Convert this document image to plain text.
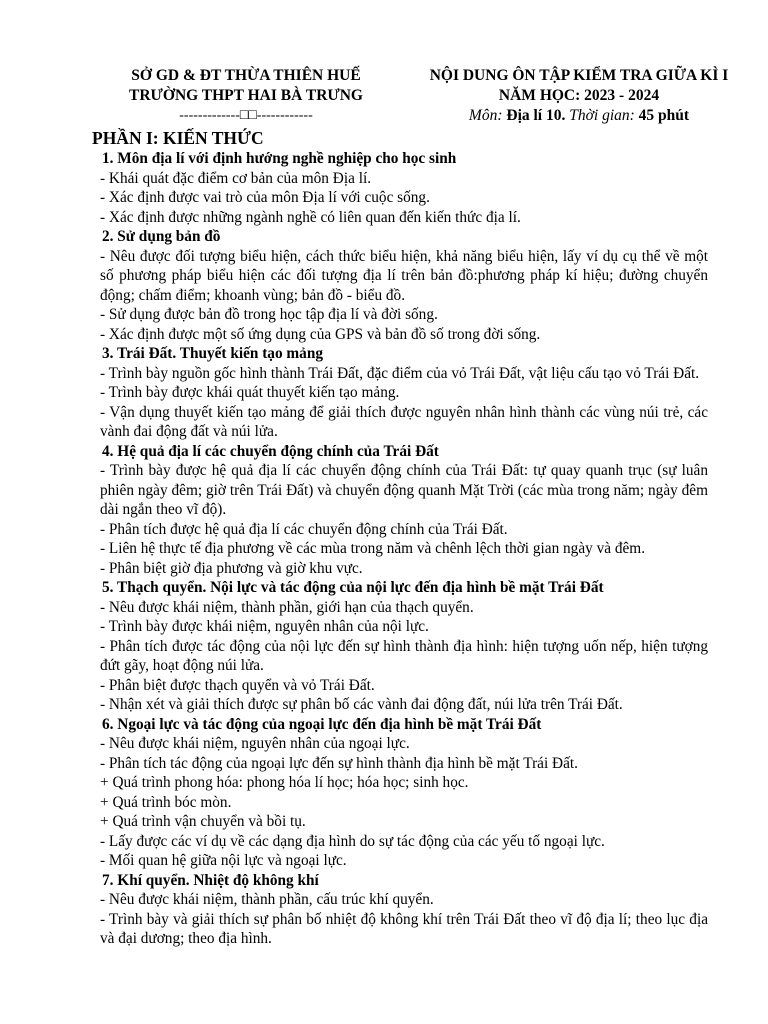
SỞ GD & ĐT THỪA THIÊN HUẾ
TRƯỜNG THPT HAI BÀ TRƯNG
-------------□□------------
NỘI DUNG ÔN TẬP KIỂM TRA GIỮA KÌ I
NĂM HỌC: 2023 - 2024
Môn: Địa lí 10. Thời gian: 45 phút
PHẦN I: KIẾN THỨC
1. Môn địa lí với định hướng nghề nghiệp cho học sinh
- Khái quát đặc điểm cơ bản của môn Địa lí.
- Xác định được vai trò của môn Địa lí với cuộc sống.
- Xác định được những ngành nghề có liên quan đến kiến thức địa lí.
2. Sử dụng bản đồ
- Nêu được đối tượng biểu hiện, cách thức biểu hiện, khả năng biểu hiện, lấy ví dụ cụ thể về một số phương pháp biểu hiện các đối tượng địa lí trên bản đồ:phương pháp kí hiệu; đường chuyển động; chấm điểm; khoanh vùng; bản đồ - biểu đồ.
- Sử dụng được bản đồ trong học tập địa lí và đời sống.
- Xác định được một số ứng dụng của GPS và bản đồ số trong đời sống.
3. Trái Đất. Thuyết kiến tạo mảng
- Trình bày nguồn gốc hình thành Trái Đất, đặc điểm của vỏ Trái Đất, vật liệu cấu tạo vỏ Trái Đất.
- Trình bày được khái quát thuyết kiến tạo mảng.
- Vận dụng thuyết kiến tạo mảng để giải thích được nguyên nhân hình thành các vùng núi trẻ, các vành đai động đất và núi lửa.
4. Hệ quả địa lí các chuyển động chính của Trái Đất
- Trình bày được hệ quả địa lí các chuyển động chính của Trái Đất: tự quay quanh trục (sự luân phiên ngày đêm; giờ trên Trái Đất) và chuyển động quanh Mặt Trời (các mùa trong năm; ngày đêm dài ngắn theo vĩ độ).
- Phân tích được hệ quả địa lí các chuyển động chính của Trái Đất.
- Liên hệ thực tế địa phương về các mùa trong năm và chênh lệch thời gian ngày và đêm.
- Phân biệt giờ địa phương và giờ khu vực.
5. Thạch quyển. Nội lực và tác động của nội lực đến địa hình bề mặt Trái Đất
- Nêu được khái niệm, thành phần, giới hạn của thạch quyển.
- Trình bày được khái niệm, nguyên nhân của nội lực.
- Phân tích được tác động của nội lực đến sự hình thành địa hình: hiện tượng uốn nếp, hiện tượng đứt gãy, hoạt động núi lửa.
- Phân biệt được thạch quyển và vỏ Trái Đất.
- Nhận xét và giải thích được sự phân bố các vành đai động đất, núi lửa trên Trái Đất.
6. Ngoại lực và tác động của ngoại lực đến địa hình bề mặt Trái Đất
- Nêu được khái niệm, nguyên nhân của ngoại lực.
- Phân tích tác động của ngoại lực đến sự hình thành địa hình bề mặt Trái Đất.
+ Quá trình phong hóa: phong hóa lí học; hóa học; sinh học.
+ Quá trình bóc mòn.
+ Quá trình vận chuyển và bồi tụ.
- Lấy được các ví dụ về các dạng địa hình do sự tác động của các yếu tố ngoại lực.
- Mối quan hệ giữa nội lực và ngoại lực.
7. Khí quyển. Nhiệt độ không khí
- Nêu được khái niệm, thành phần, cấu trúc khí quyển.
- Trình bày và giải thích sự phân bố nhiệt độ không khí trên Trái Đất theo vĩ độ địa lí; theo lục địa và đại dương; theo địa hình.
